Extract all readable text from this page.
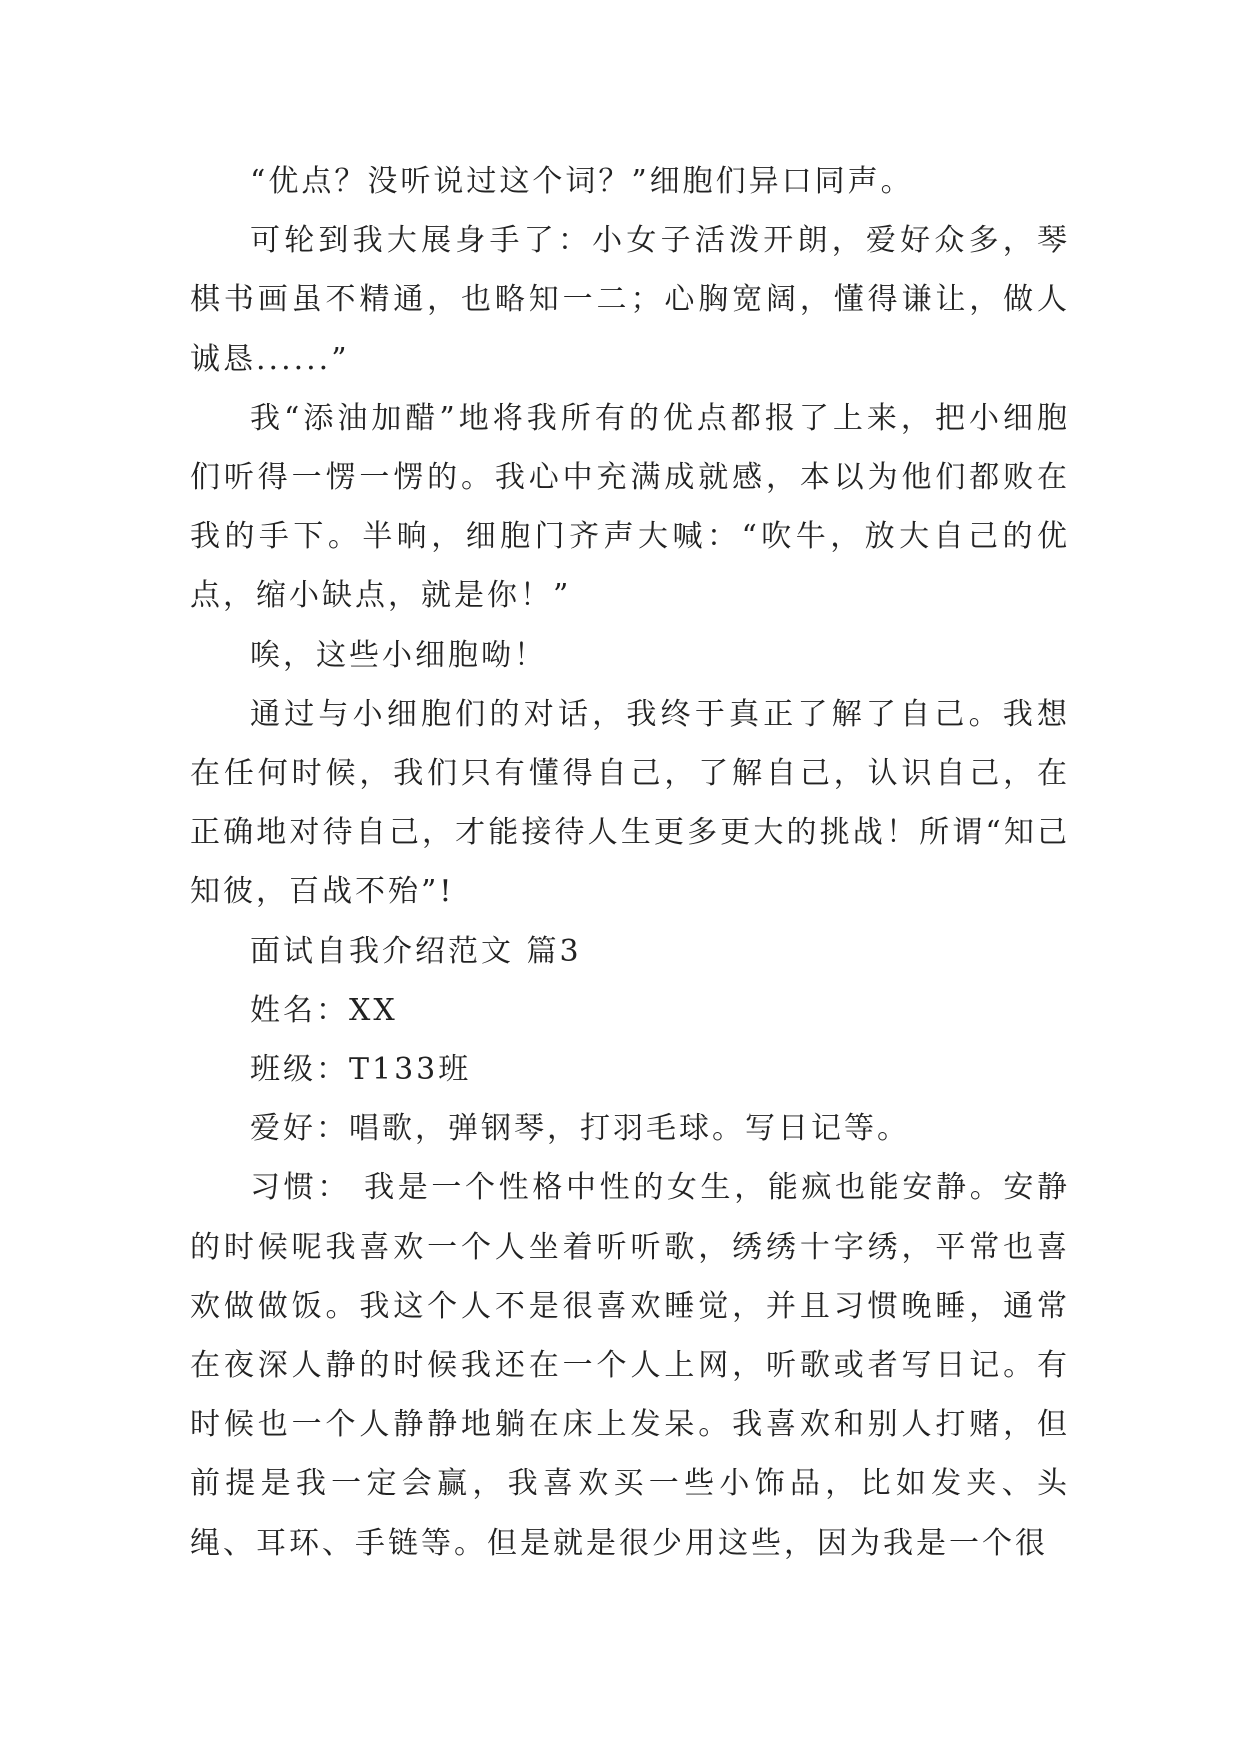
“优点？没听说过这个词？”细胞们异口同声。

可轮到我大展身手了：小女子活泼开朗，爱好众多，琴棋书画虽不精通，也略知一二；心胸宽阔，懂得谦让，做人诚恳......”

我“添油加醋”地将我所有的优点都报了上来，把小细胞们听得一愣一愣的。我心中充满成就感，本以为他们都败在我的手下。半晌，细胞门齐声大喊：“吹牛，放大自己的优点，缩小缺点，就是你！”

唉，这些小细胞呦！

通过与小细胞们的对话，我终于真正了解了自己。我想在任何时候，我们只有懂得自己，了解自己，认识自己，在正确地对待自己，才能接待人生更多更大的挑战！所谓“知己知彼，百战不殆”!

面试自我介绍范文 篇3

姓名：XX

班级：T133班

爱好：唱歌，弹钢琴，打羽毛球。写日记等。

习惯： 我是一个性格中性的女生，能疯也能安静。安静的时候呢我喜欢一个人坐着听听歌，绣绣十字绣，平常也喜欢做做饭。我这个人不是很喜欢睡觉，并且习惯晚睡，通常在夜深人静的时候我还在一个人上网，听歌或者写日记。有时候也一个人静静地躺在床上发呆。我喜欢和别人打赌，但前提是我一定会赢，我喜欢买一些小饰品，比如发夹、头绳、耳环、手链等。但是就是很少用这些，因为我是一个很
